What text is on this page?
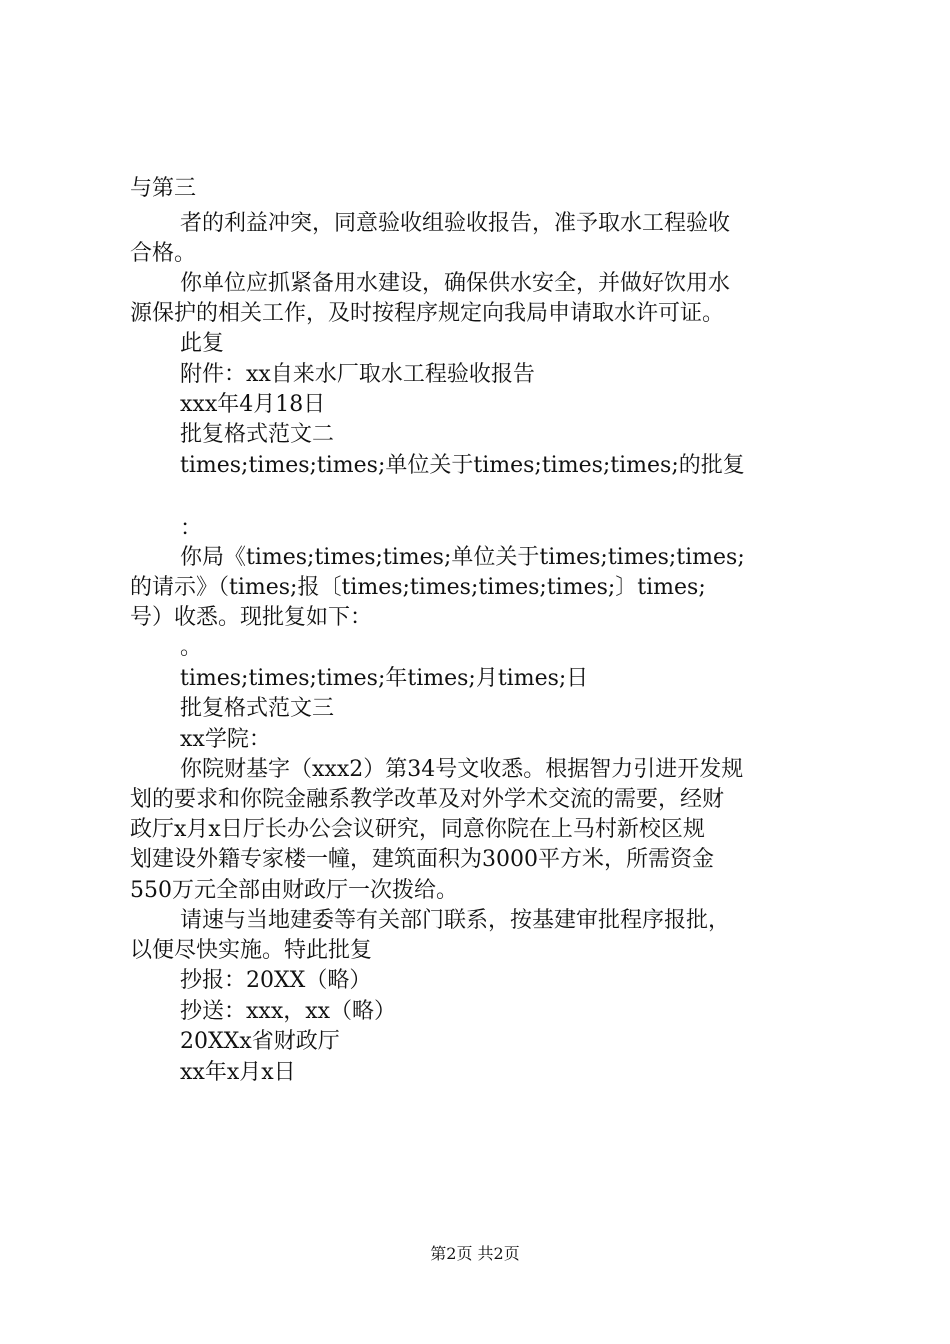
与第三
者的利益冲突，同意验收组验收报告，准予取水工程验收
合格。
你单位应抓紧备用水建设，确保供水安全，并做好饮用水
源保护的相关工作，及时按程序规定向我局申请取水许可证。
此复
附件：xx自来水厂取水工程验收报告
xxx年4月18日
批复格式范文二
times;times;times;单位关于times;times;times;的批复
：
你局《times;times;times;单位关于times;times;times;
的请示》（times;报〔times;times;times;times;〕times;
号）收悉。现批复如下：
。
times;times;times;年times;月times;日
批复格式范文三
xx学院：
你院财基字（xxx2）第34号文收悉。根据智力引进开发规
划的要求和你院金融系教学改革及对外学术交流的需要，经财
政厅x月x日厅长办公会议研究，同意你院在上马村新校区规
划建设外籍专家楼一幢，建筑面积为3000平方米，所需资金
550万元全部由财政厅一次拨给。
请速与当地建委等有关部门联系，按基建审批程序报批，
以便尽快实施。特此批复
抄报：20XX（略）
抄送：xxx，xx（略）
20XXx省财政厅
xx年x月x日
第2页 共2页
